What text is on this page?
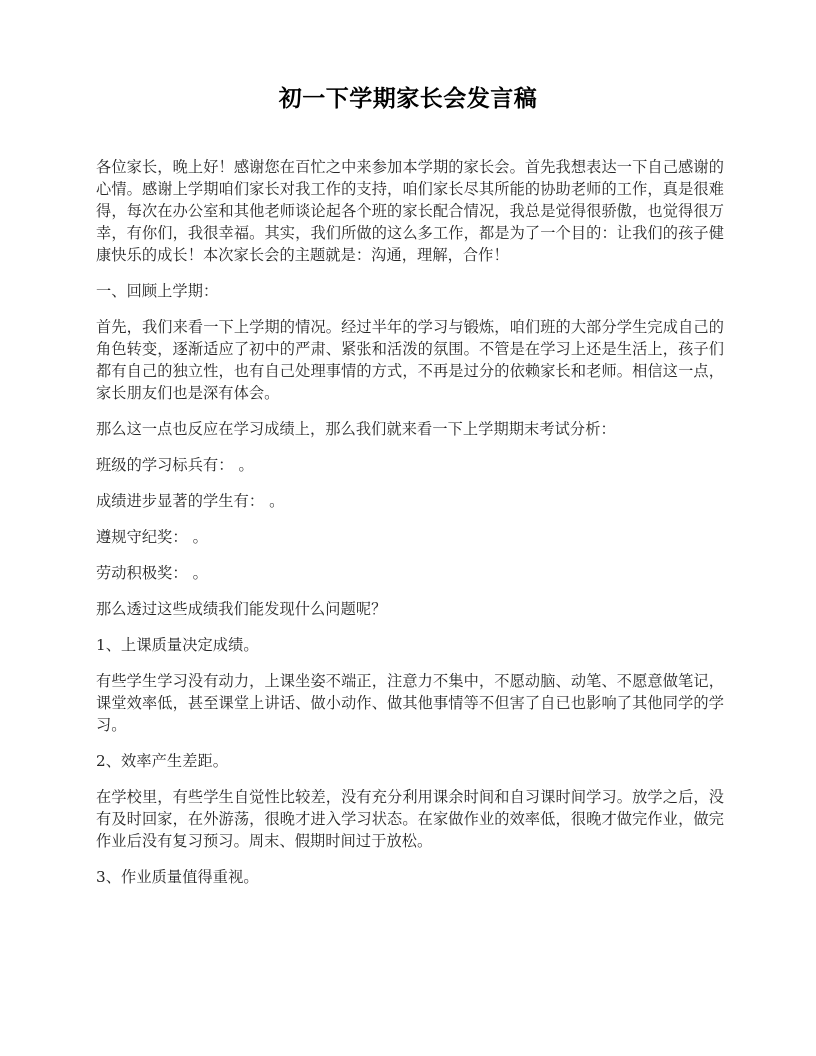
初一下学期家长会发言稿

各位家长，晚上好！感谢您在百忙之中来参加本学期的家长会。首先我想表达一下自己感谢的心情。感谢上学期咱们家长对我工作的支持，咱们家长尽其所能的协助老师的工作，真是很难得，每次在办公室和其他老师谈论起各个班的家长配合情况，我总是觉得很骄傲，也觉得很万幸，有你们，我很幸福。其实，我们所做的这么多工作，都是为了一个目的：让我们的孩子健康快乐的成长！本次家长会的主题就是：沟通，理解，合作！

一、回顾上学期：

首先，我们来看一下上学期的情况。经过半年的学习与锻炼，咱们班的大部分学生完成自己的角色转变，逐渐适应了初中的严肃、紧张和活泼的氛围。不管是在学习上还是生活上，孩子们都有自己的独立性，也有自己处理事情的方式，不再是过分的依赖家长和老师。相信这一点，家长朋友们也是深有体会。

那么这一点也反应在学习成绩上，那么我们就来看一下上学期期末考试分析：

班级的学习标兵有： 。

成绩进步显著的学生有： 。

遵规守纪奖： 。

劳动积极奖： 。

那么透过这些成绩我们能发现什么问题呢？

1、上课质量决定成绩。

有些学生学习没有动力，上课坐姿不端正，注意力不集中，不愿动脑、动笔、不愿意做笔记，课堂效率低，甚至课堂上讲话、做小动作、做其他事情等不但害了自已也影响了其他同学的学习。

2、效率产生差距。

在学校里，有些学生自觉性比较差，没有充分利用课余时间和自习课时间学习。放学之后，没有及时回家，在外游荡，很晚才进入学习状态。在家做作业的效率低，很晚才做完作业，做完作业后没有复习预习。周末、假期时间过于放松。

3、作业质量值得重视。
